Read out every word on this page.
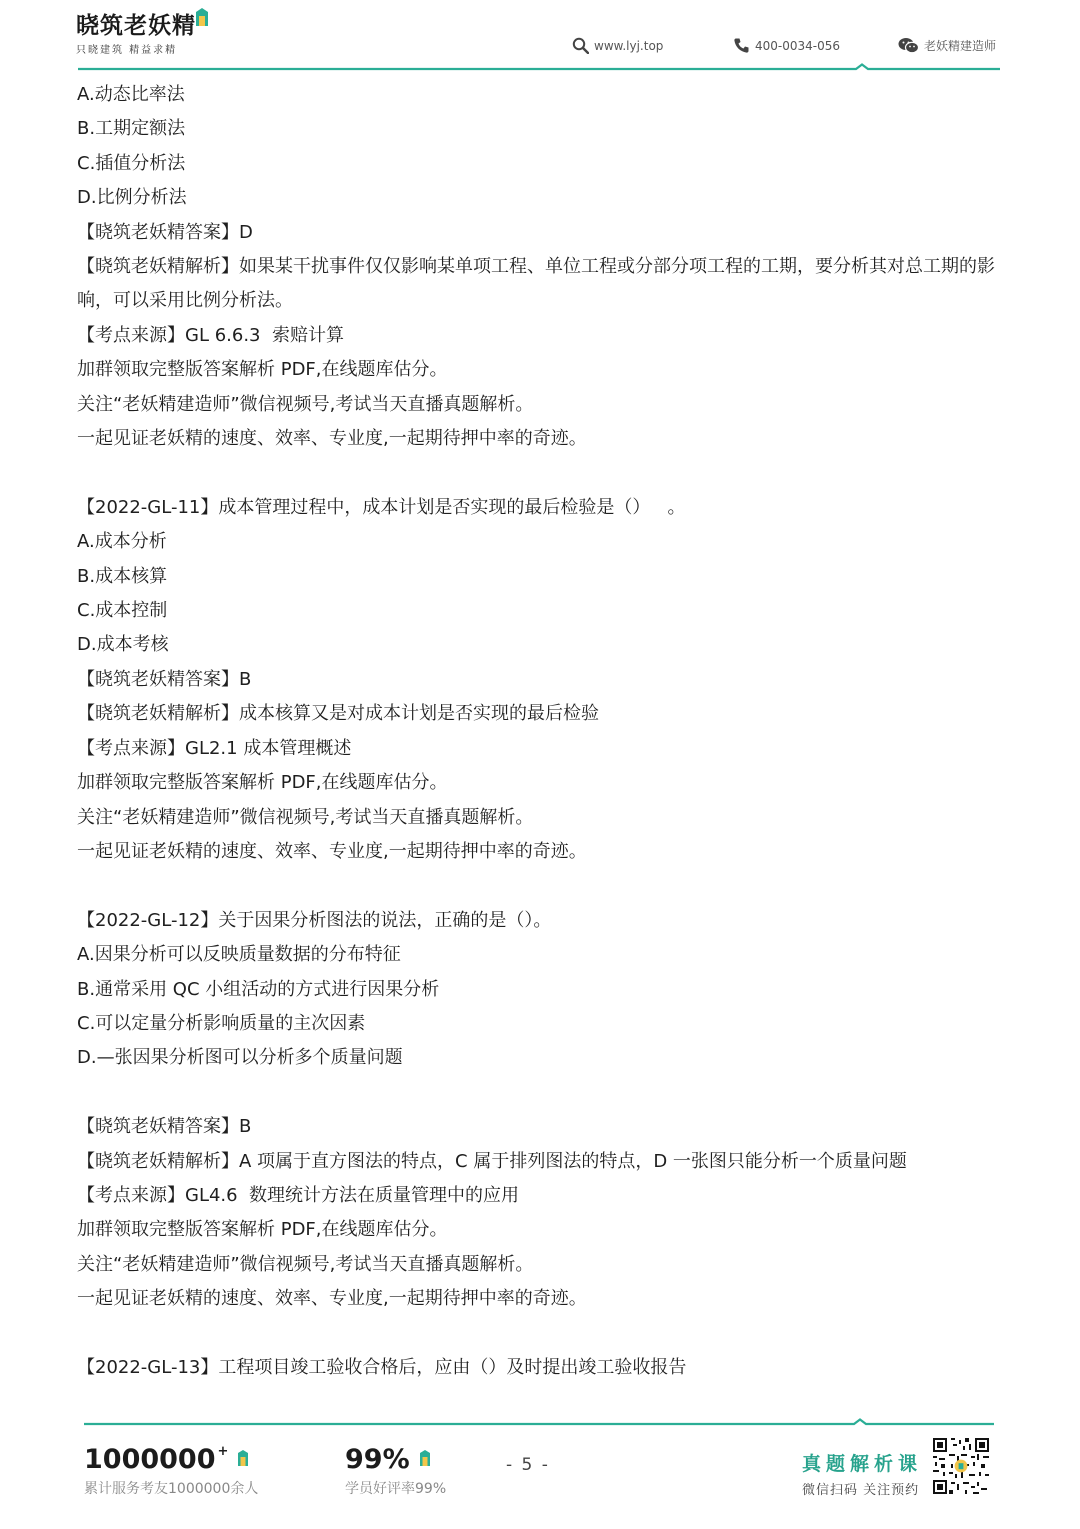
晓筑老妖精
只晓建筑 精益求精	www.lyj.top	400-0034-056	老妖精建造师
A.动态比率法
B.工期定额法
C.插值分析法
D.比例分析法
【晓筑老妖精答案】D
【晓筑老妖精解析】如果某干扰事件仅仅影响某单项工程、单位工程或分部分项工程的工期，要分析其对总工期的影响，可以采用比例分析法。
【考点来源】GL 6.6.3  索赔计算
加群领取完整版答案解析 PDF,在线题库估分。
关注“老妖精建造师”微信视频号,考试当天直播真题解析。
一起见证老妖精的速度、效率、专业度,一起期待押中率的奇迹。
【2022-GL-11】成本管理过程中，成本计划是否实现的最后检验是（）   。
A.成本分析
B.成本核算
C.成本控制
D.成本考核
【晓筑老妖精答案】B
【晓筑老妖精解析】成本核算又是对成本计划是否实现的最后检验
【考点来源】GL2.1 成本管理概述
加群领取完整版答案解析 PDF,在线题库估分。
关注“老妖精建造师”微信视频号,考试当天直播真题解析。
一起见证老妖精的速度、效率、专业度,一起期待押中率的奇迹。
【2022-GL-12】关于因果分析图法的说法，正确的是（）。
A.因果分析可以反映质量数据的分布特征
B.通常采用 QC 小组活动的方式进行因果分析
C.可以定量分析影响质量的主次因素
D.—张因果分析图可以分析多个质量问题
【晓筑老妖精答案】B
【晓筑老妖精解析】A 项属于直方图法的特点，C 属于排列图法的特点，D 一张图只能分析一个质量问题
【考点来源】GL4.6  数理统计方法在质量管理中的应用
加群领取完整版答案解析 PDF,在线题库估分。
关注“老妖精建造师”微信视频号,考试当天直播真题解析。
一起见证老妖精的速度、效率、专业度,一起期待押中率的奇迹。
【2022-GL-13】工程项目竣工验收合格后，应由（）及时提出竣工验收报告
1000000+
累计服务考友1000000余人
99%
学员好评率99%
- 5 -	真题解析课
微信扫码 关注预约
